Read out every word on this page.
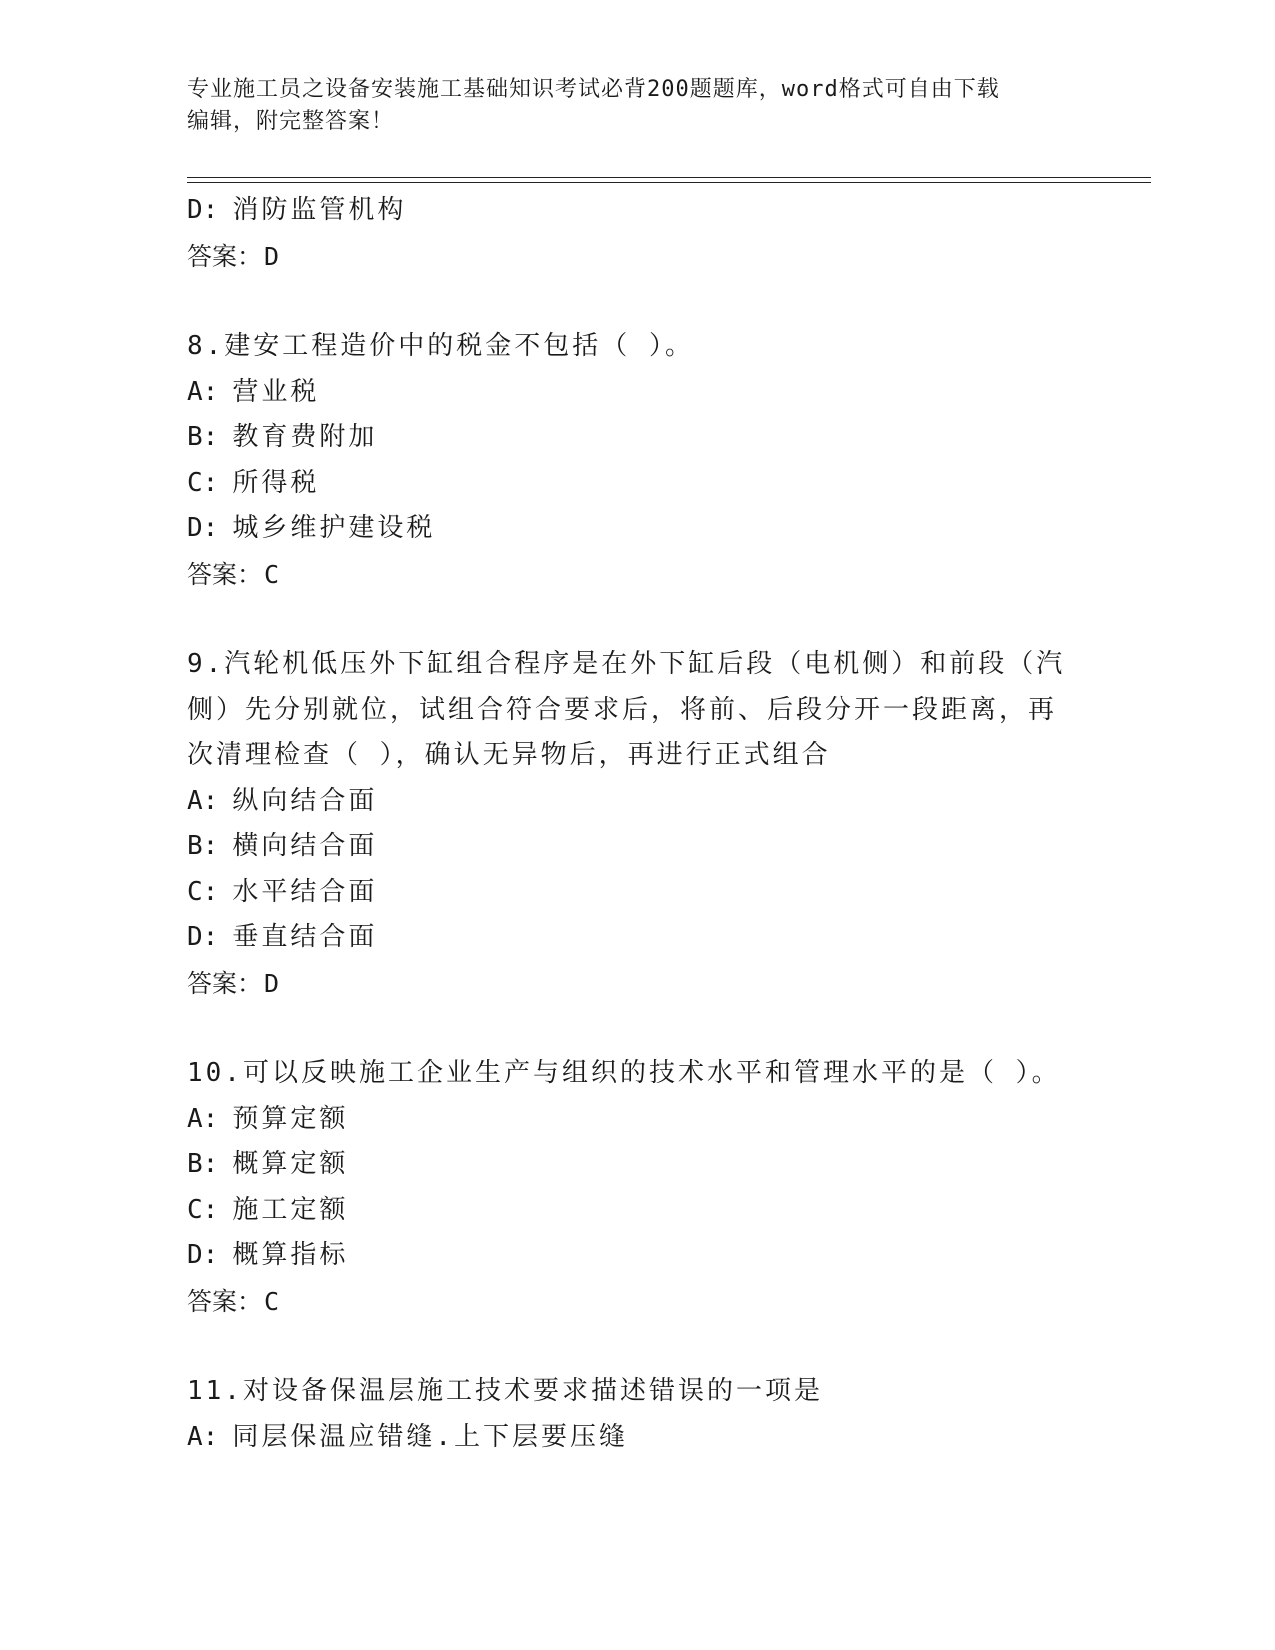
专业施工员之设备安装施工基础知识考试必背200题题库，word格式可自由下载
编辑，附完整答案！
D: 消防监管机构
答案：D
8.建安工程造价中的税金不包括（ ）。
A: 营业税
B: 教育费附加
C: 所得税
D: 城乡维护建设税
答案：C
9.汽轮机低压外下缸组合程序是在外下缸后段（电机侧）和前段（汽
侧）先分别就位，试组合符合要求后，将前、后段分开一段距离，再
次清理检查（ ），确认无异物后，再进行正式组合
A: 纵向结合面
B: 横向结合面
C: 水平结合面
D: 垂直结合面
答案：D
10.可以反映施工企业生产与组织的技术水平和管理水平的是（ ）。
A: 预算定额
B: 概算定额
C: 施工定额
D: 概算指标
答案：C
11.对设备保温层施工技术要求描述错误的一项是
A: 同层保温应错缝.上下层要压缝
